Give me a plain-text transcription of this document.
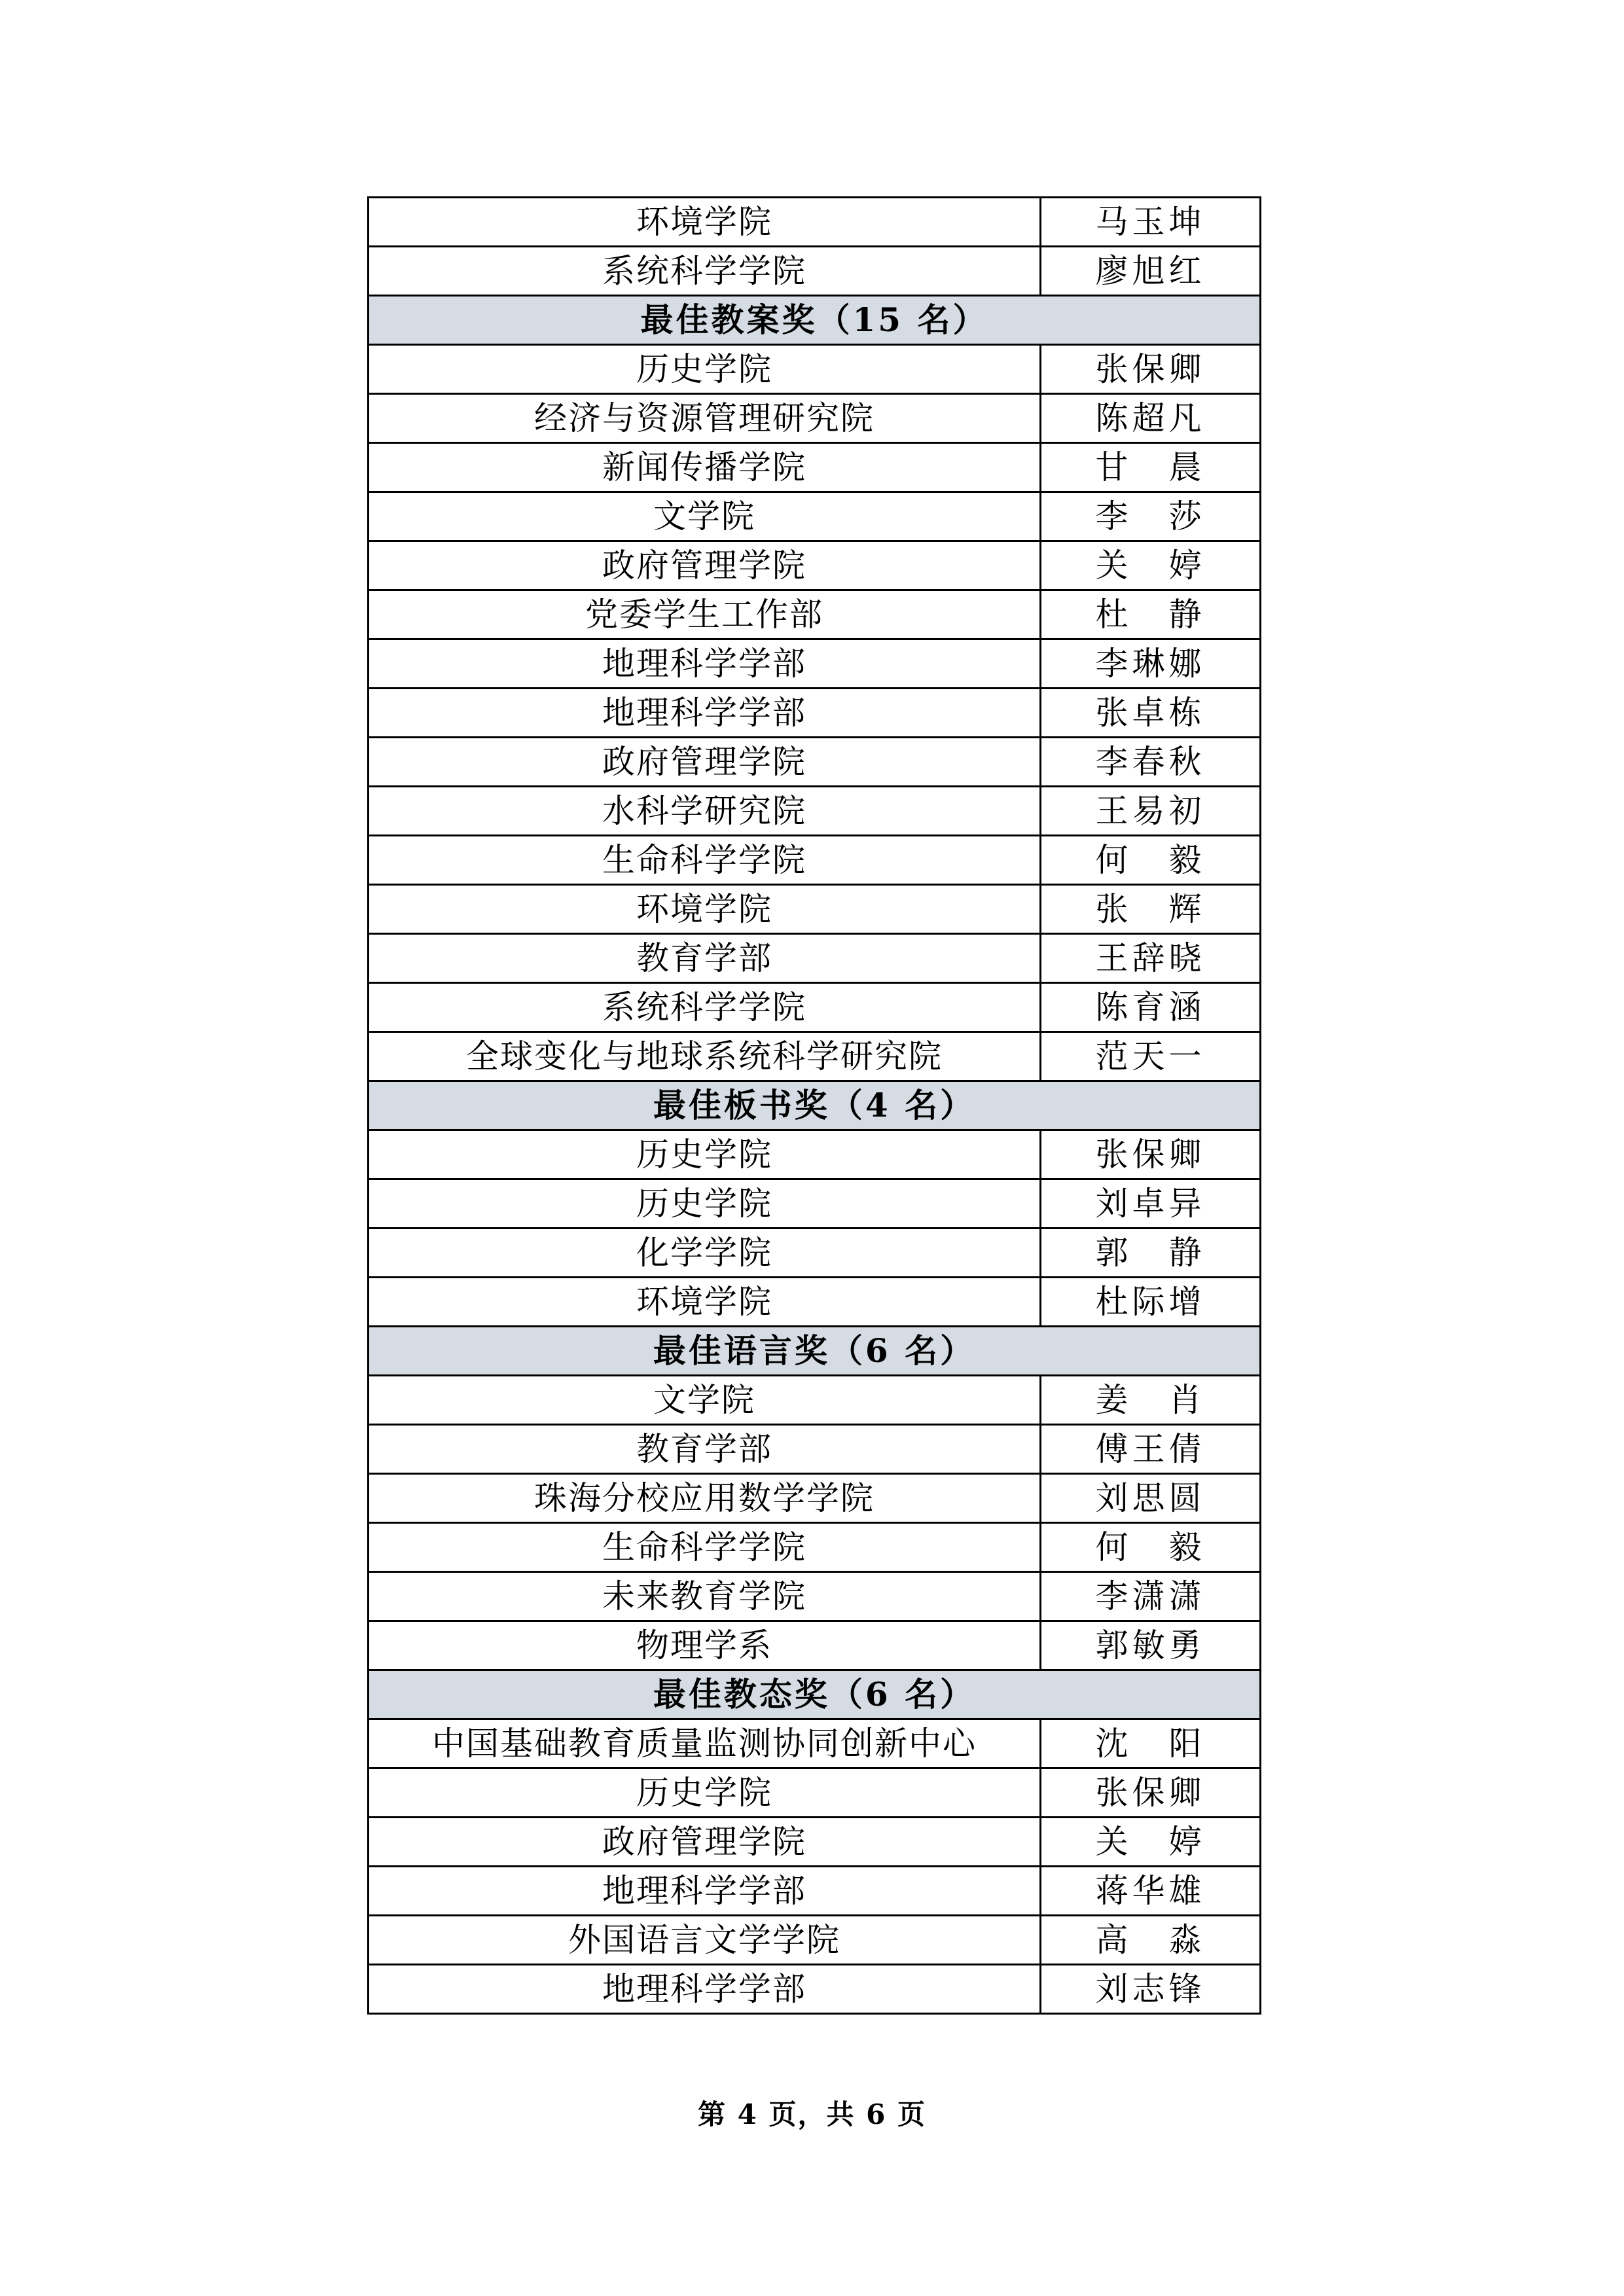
环境学院	马玉坤
系统科学学院	廖旭红
最佳教案奖（15 名）	
历史学院	张保卿
经济与资源管理研究院	陈超凡
新闻传播学院	甘　晨
文学院	李　莎
政府管理学院	关　婷
党委学生工作部	杜　静
地理科学学部	李琳娜
地理科学学部	张卓栋
政府管理学院	李春秋
水科学研究院	王易初
生命科学学院	何　毅
环境学院	张　辉
教育学部	王辞晓
系统科学学院	陈育涵
全球变化与地球系统科学研究院	范天一
最佳板书奖（4 名）	
历史学院	张保卿
历史学院	刘卓异
化学学院	郭　静
环境学院	杜际增
最佳语言奖（6 名）	
文学院	姜　肖
教育学部	傅王倩
珠海分校应用数学学院	刘思圆
生命科学学院	何　毅
未来教育学院	李潇潇
物理学系	郭敏勇
最佳教态奖（6 名）	
中国基础教育质量监测协同创新中心	沈　阳
历史学院	张保卿
政府管理学院	关　婷
地理科学学部	蒋华雄
外国语言文学学院	高　淼
地理科学学部	刘志锋
第 4 页，共 6 页
